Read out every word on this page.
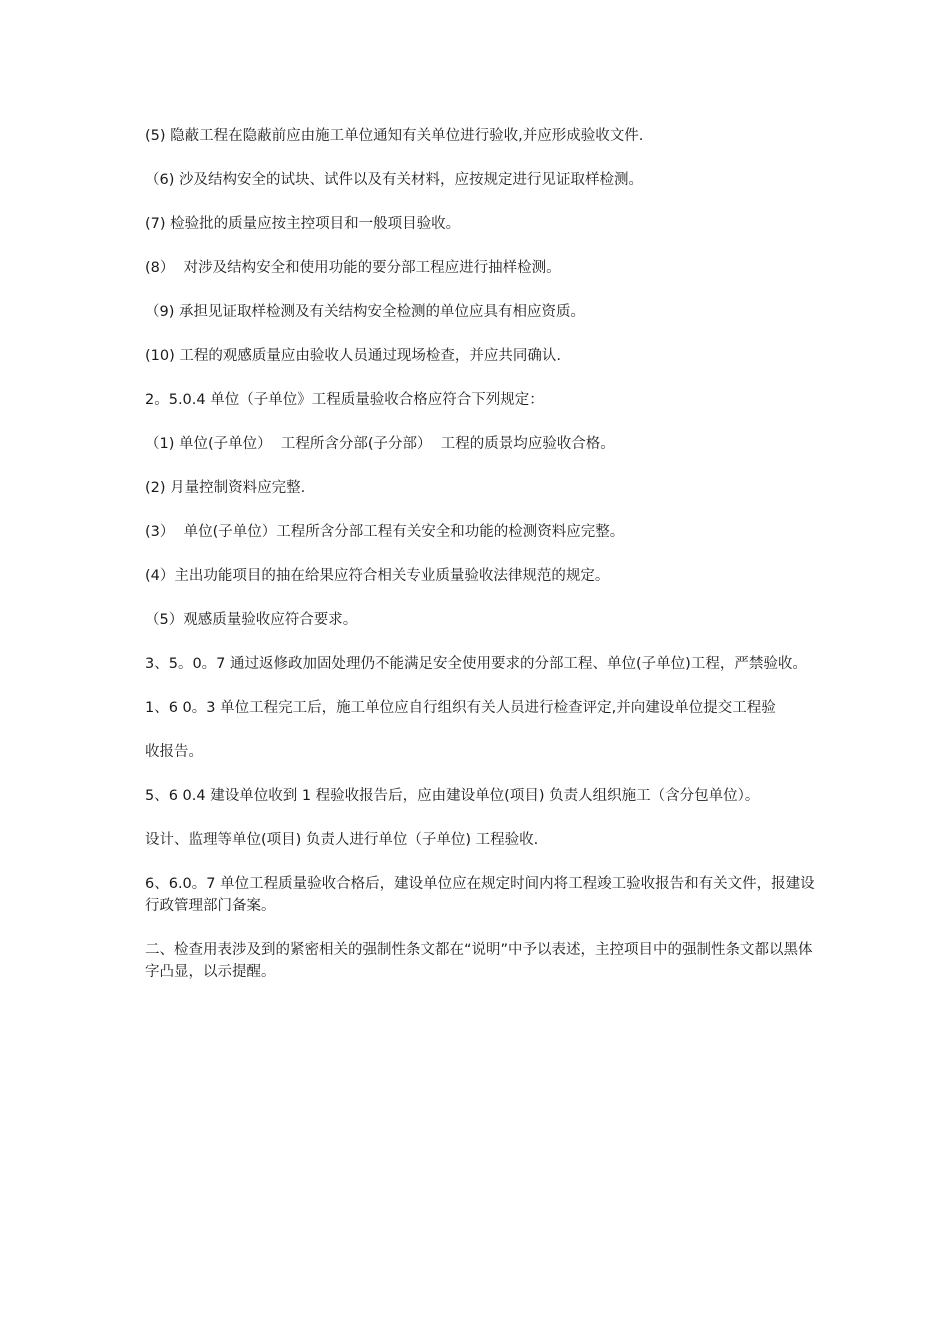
(5) 隐蔽工程在隐蔽前应由施工单位通知有关单位进行验收,并应形成验收文件.

（6) 沙及结构安全的试块、试件以及有关材料，应按规定进行见证取样检测。

(7) 检验批的质量应按主控项目和一般项目验收。

(8）  对涉及结构安全和使用功能的要分部工程应进行抽样检测。

（9) 承担见证取样检测及有关结构安全检测的单位应具有相应资质。

(10) 工程的观感质量应由验收人员通过现场检查，并应共同确认.

2。5.0.4 单位（子单位》工程质量验收合格应符合下列规定：

（1) 单位(子单位）  工程所含分部(子分部）  工程的质景均应验收合格。

(2) 月量控制资料应完整.

(3）  单位(子单位）工程所含分部工程有关安全和功能的检测资料应完整。

(4）主出功能项目的抽在给果应符合相关专业质量验收法律规范的规定。

（5）观感质量验收应符合要求。

3、5。0。7 通过返修政加固处理仍不能满足安全使用要求的分部工程、单位(子单位)工程，严禁验收。

1、6 0。3 单位工程完工后，施工单位应自行组织有关人员进行检查评定,并向建设单位提交工程验

收报告。

5、6 0.4 建设单位收到 1 程验收报告后，应由建设单位(项目) 负责人组织施工（含分包单位）。

设计、监理等单位(项目) 负责人进行单位（子单位) 工程验收.

6、6.0。7 单位工程质量验收合格后，建设单位应在规定时间内将工程竣工验收报告和有关文件，报建设行政管理部门备案。

二、检查用表涉及到的紧密相关的强制性条文都在“说明”中予以表述，主控项目中的强制性条文都以黑体字凸显，以示提醒。
